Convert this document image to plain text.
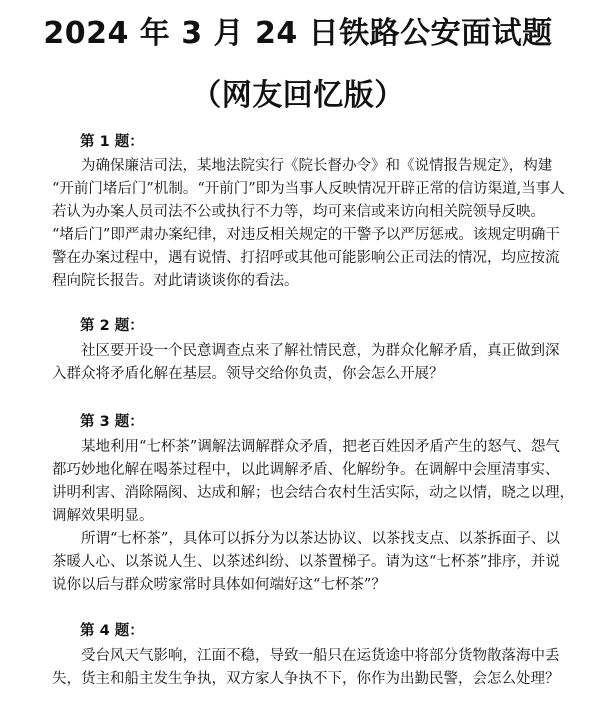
2024 年 3 月 24 日铁路公安面试题
（网友回忆版）
第 1 题：
为确保廉洁司法，某地法院实行《院长督办令》和《说情报告规定》，构建
“开前门堵后门”机制。“开前门”即为当事人反映情况开辟正常的信访渠道,当事人
若认为办案人员司法不公或执行不力等，均可来信或来访向相关院领导反映。
“堵后门”即严肃办案纪律，对违反相关规定的干警予以严厉惩戒。该规定明确干
警在办案过程中，遇有说情、打招呼或其他可能影响公正司法的情况，均应按流
程向院长报告。对此请谈谈你的看法。
第 2 题：
社区要开设一个民意调查点来了解社情民意，为群众化解矛盾，真正做到深
入群众将矛盾化解在基层。领导交给你负责，你会怎么开展？
第 3 题：
某地利用“七杯茶”调解法调解群众矛盾，把老百姓因矛盾产生的怒气、怨气
都巧妙地化解在喝茶过程中，以此调解矛盾、化解纷争。在调解中会厘清事实、
讲明利害、消除隔阂、达成和解；也会结合农村生活实际，动之以情，晓之以理，
调解效果明显。
所谓“七杯茶”，具体可以拆分为以茶达协议、以茶找支点、以茶拆面子、以
茶暖人心、以茶说人生、以茶述纠纷、以茶置梯子。请为这“七杯茶”排序，并说
说你以后与群众唠家常时具体如何端好这“七杯茶”？
第 4 题：
受台风天气影响，江面不稳，导致一船只在运货途中将部分货物散落海中丢
失，货主和船主发生争执，双方家人争执不下，你作为出勤民警，会怎么处理？
